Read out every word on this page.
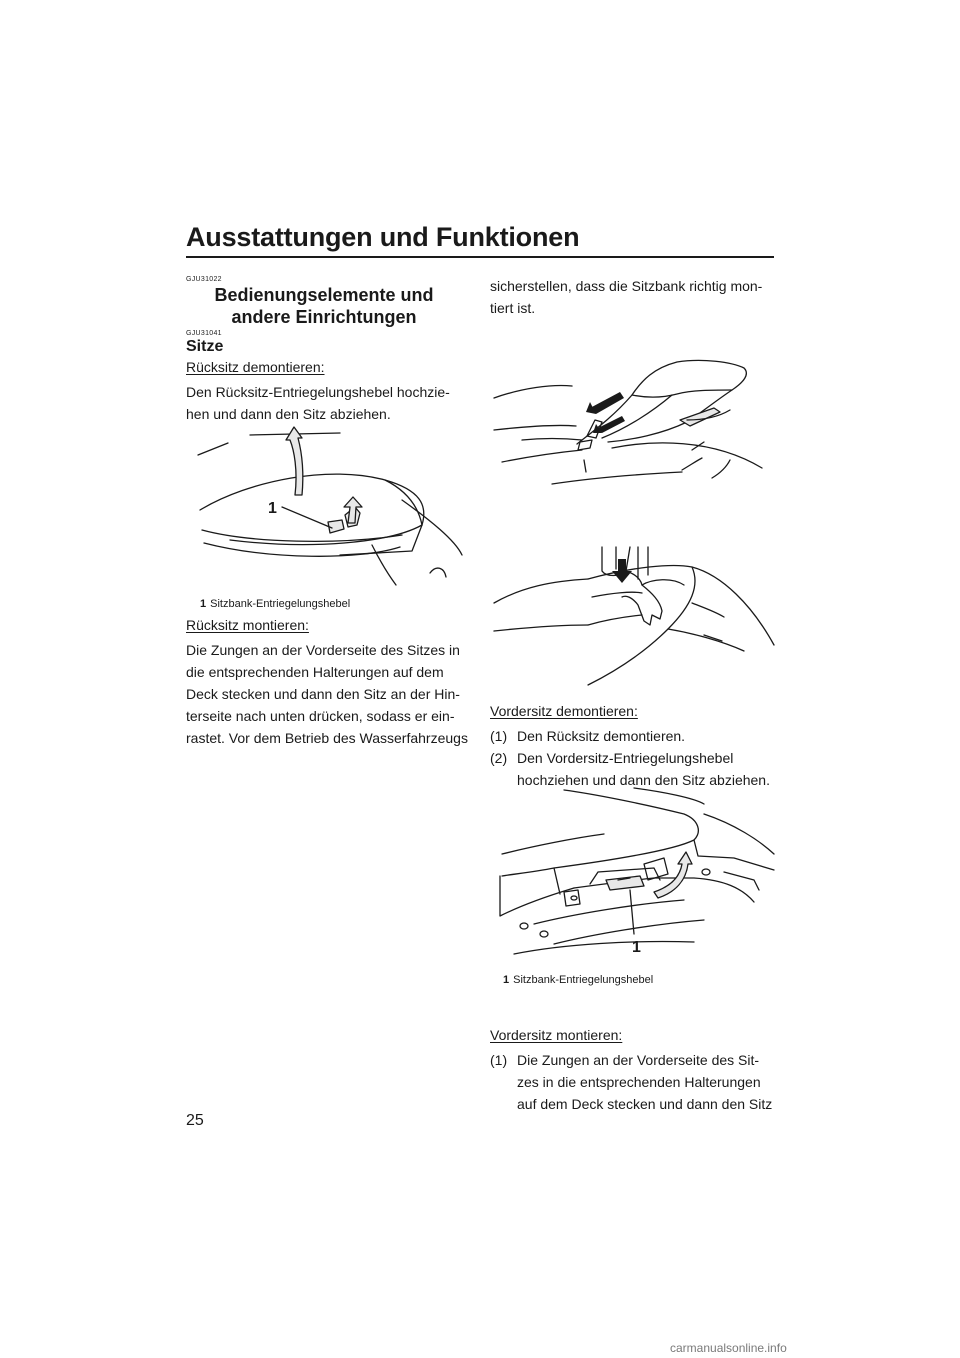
Ausstattungen und Funktionen
GJU31022
Bedienungselemente und andere Einrichtungen
GJU31041
Sitze
Rücksitz demontieren:
Den Rücksitz-Entriegelungshebel hochzie-hen und dann den Sitz abziehen.
1
1 Sitzbank-Entriegelungshebel
Rücksitz montieren:
Die Zungen an der Vorderseite des Sitzes in die entsprechenden Halterungen auf dem Deck stecken und dann den Sitz an der Hin-terseite nach unten drücken, sodass er ein-rastet. Vor dem Betrieb des Wasserfahrzeugs
sicherstellen, dass die Sitzbank richtig mon-tiert ist.
Vordersitz demontieren:
(1) Den Rücksitz demontieren.
(2) Den Vordersitz-Entriegelungshebel hochziehen und dann den Sitz abziehen.
1
1 Sitzbank-Entriegelungshebel
Vordersitz montieren:
(1) Die Zungen an der Vorderseite des Sit-zes in die entsprechenden Halterungen auf dem Deck stecken und dann den Sitz
25
carmanualsonline.info
